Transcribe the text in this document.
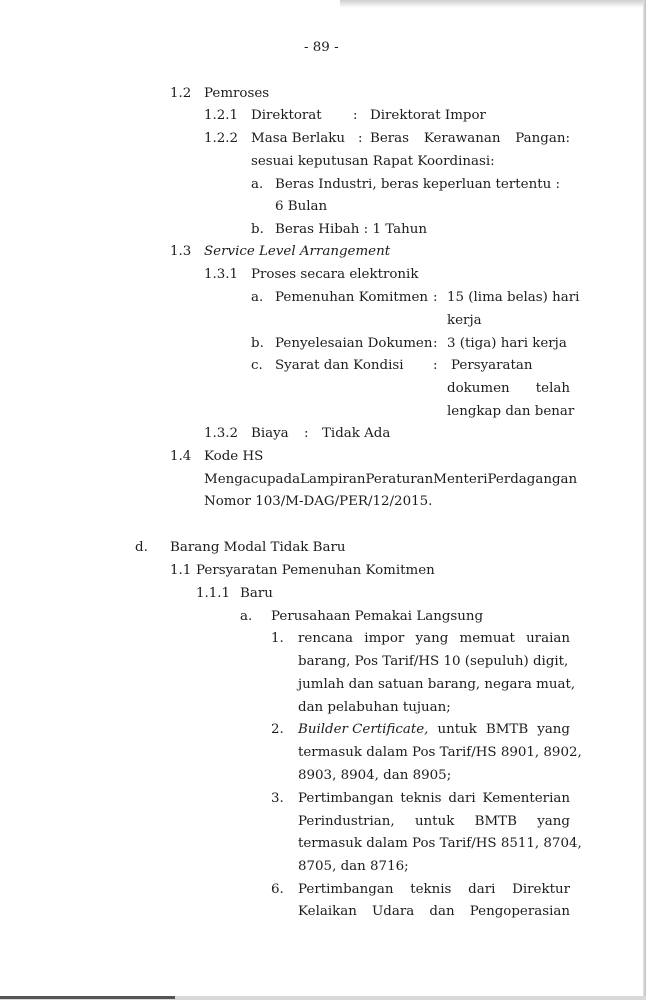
- 89 -
1.2 Pemroses
1.2.1 Direktorat : Direktorat Impor
1.2.2 Masa Berlaku : Beras Kerawanan Pangan:
sesuai keputusan Rapat Koordinasi:
a. Beras Industri, beras keperluan tertentu :
6 Bulan
b. Beras Hibah : 1 Tahun
1.3 Service Level Arrangement
1.3.1 Proses secara elektronik
a. Pemenuhan Komitmen : 15 (lima belas) hari
kerja
b. Penyelesaian Dokumen : 3 (tiga) hari kerja
c. Syarat dan Kondisi : Persyaratan
dokumen telah
lengkap dan benar
1.3.2 Biaya : Tidak Ada
1.4 Kode HS
Mengacu pada Lampiran Peraturan Menteri Perdagangan
Nomor 103/M-DAG/PER/12/2015.
d. Barang Modal Tidak Baru
1.1 Persyaratan Pemenuhan Komitmen
1.1.1 Baru
a. Perusahaan Pemakai Langsung
1. rencana impor yang memuat uraian
barang, Pos Tarif/HS 10 (sepuluh) digit,
jumlah dan satuan barang, negara muat,
dan pelabuhan tujuan;
2. Builder Certificate, untuk BMTB yang
termasuk dalam Pos Tarif/HS 8901, 8902,
8903, 8904, dan 8905;
3. Pertimbangan teknis dari Kementerian
Perindustrian, untuk BMTB yang
termasuk dalam Pos Tarif/HS 8511, 8704,
8705, dan 8716;
6. Pertimbangan teknis dari Direktur
Kelaikan Udara dan Pengoperasian
